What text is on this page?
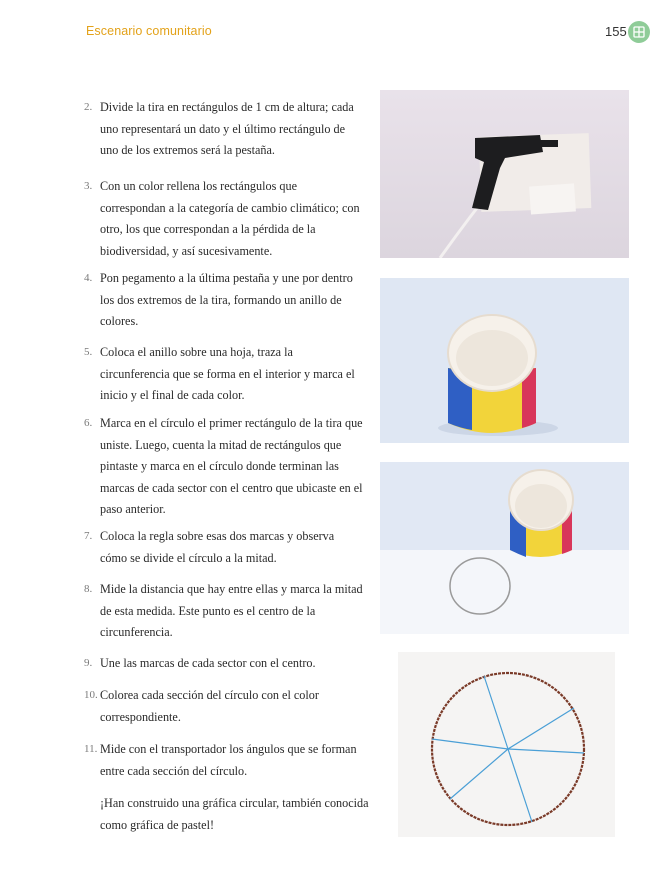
Escenario comunitario	155
2. Divide la tira en rectángulos de 1 cm de altura; cada uno representará un dato y el último rectángulo de uno de los extremos será la pestaña.
3. Con un color rellena los rectángulos que correspondan a la categoría de cambio climático; con otro, los que correspondan a la pérdida de la biodiversidad, y así sucesivamente.
4. Pon pegamento a la última pestaña y une por dentro los dos extremos de la tira, formando un anillo de colores.
5. Coloca el anillo sobre una hoja, traza la circunferencia que se forma en el interior y marca el inicio y el final de cada color.
6. Marca en el círculo el primer rectángulo de la tira que uniste. Luego, cuenta la mitad de rectángulos que pintaste y marca en el círculo donde terminan las marcas de cada sector con el centro que ubicaste en el paso anterior.
7. Coloca la regla sobre esas dos marcas y observa cómo se divide el círculo a la mitad.
8. Mide la distancia que hay entre ellas y marca la mitad de esta medida. Este punto es el centro de la circunferencia.
9. Une las marcas de cada sector con el centro.
10. Colorea cada sección del círculo con el color correspondiente.
11. Mide con el transportador los ángulos que se forman entre cada sección del círculo.
¡Han construido una gráfica circular, también conocida como gráfica de pastel!
